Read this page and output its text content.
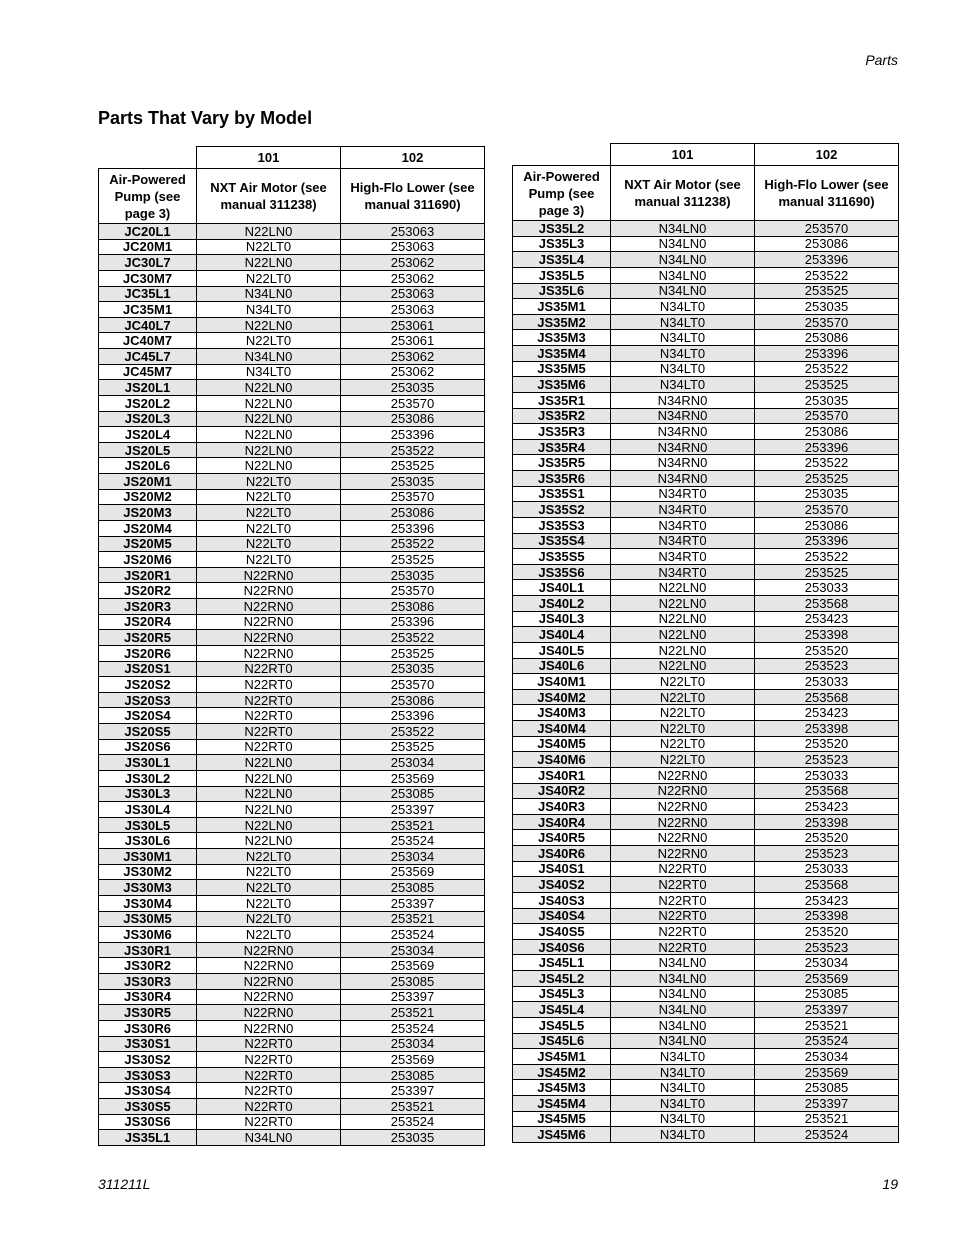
Parts
Parts That Vary by Model
	101	102
Air-Powered Pump (see page 3)	NXT Air Motor (see manual 311238)	High-Flo Lower (see manual 311690)
JC20L1	N22LN0	253063
JC20M1	N22LT0	253063
JC30L7	N22LN0	253062
JC30M7	N22LT0	253062
JC35L1	N34LN0	253063
JC35M1	N34LT0	253063
JC40L7	N22LN0	253061
JC40M7	N22LT0	253061
JC45L7	N34LN0	253062
JC45M7	N34LT0	253062
JS20L1	N22LN0	253035
JS20L2	N22LN0	253570
JS20L3	N22LN0	253086
JS20L4	N22LN0	253396
JS20L5	N22LN0	253522
JS20L6	N22LN0	253525
JS20M1	N22LT0	253035
JS20M2	N22LT0	253570
JS20M3	N22LT0	253086
JS20M4	N22LT0	253396
JS20M5	N22LT0	253522
JS20M6	N22LT0	253525
JS20R1	N22RN0	253035
JS20R2	N22RN0	253570
JS20R3	N22RN0	253086
JS20R4	N22RN0	253396
JS20R5	N22RN0	253522
JS20R6	N22RN0	253525
JS20S1	N22RT0	253035
JS20S2	N22RT0	253570
JS20S3	N22RT0	253086
JS20S4	N22RT0	253396
JS20S5	N22RT0	253522
JS20S6	N22RT0	253525
JS30L1	N22LN0	253034
JS30L2	N22LN0	253569
JS30L3	N22LN0	253085
JS30L4	N22LN0	253397
JS30L5	N22LN0	253521
JS30L6	N22LN0	253524
JS30M1	N22LT0	253034
JS30M2	N22LT0	253569
JS30M3	N22LT0	253085
JS30M4	N22LT0	253397
JS30M5	N22LT0	253521
JS30M6	N22LT0	253524
JS30R1	N22RN0	253034
JS30R2	N22RN0	253569
JS30R3	N22RN0	253085
JS30R4	N22RN0	253397
JS30R5	N22RN0	253521
JS30R6	N22RN0	253524
JS30S1	N22RT0	253034
JS30S2	N22RT0	253569
JS30S3	N22RT0	253085
JS30S4	N22RT0	253397
JS30S5	N22RT0	253521
JS30S6	N22RT0	253524
JS35L1	N34LN0	253035
	101	102
Air-Powered Pump (see page 3)	NXT Air Motor (see manual 311238)	High-Flo Lower (see manual 311690)
JS35L2	N34LN0	253570
JS35L3	N34LN0	253086
JS35L4	N34LN0	253396
JS35L5	N34LN0	253522
JS35L6	N34LN0	253525
JS35M1	N34LT0	253035
JS35M2	N34LT0	253570
JS35M3	N34LT0	253086
JS35M4	N34LT0	253396
JS35M5	N34LT0	253522
JS35M6	N34LT0	253525
JS35R1	N34RN0	253035
JS35R2	N34RN0	253570
JS35R3	N34RN0	253086
JS35R4	N34RN0	253396
JS35R5	N34RN0	253522
JS35R6	N34RN0	253525
JS35S1	N34RT0	253035
JS35S2	N34RT0	253570
JS35S3	N34RT0	253086
JS35S4	N34RT0	253396
JS35S5	N34RT0	253522
JS35S6	N34RT0	253525
JS40L1	N22LN0	253033
JS40L2	N22LN0	253568
JS40L3	N22LN0	253423
JS40L4	N22LN0	253398
JS40L5	N22LN0	253520
JS40L6	N22LN0	253523
JS40M1	N22LT0	253033
JS40M2	N22LT0	253568
JS40M3	N22LT0	253423
JS40M4	N22LT0	253398
JS40M5	N22LT0	253520
JS40M6	N22LT0	253523
JS40R1	N22RN0	253033
JS40R2	N22RN0	253568
JS40R3	N22RN0	253423
JS40R4	N22RN0	253398
JS40R5	N22RN0	253520
JS40R6	N22RN0	253523
JS40S1	N22RT0	253033
JS40S2	N22RT0	253568
JS40S3	N22RT0	253423
JS40S4	N22RT0	253398
JS40S5	N22RT0	253520
JS40S6	N22RT0	253523
JS45L1	N34LN0	253034
JS45L2	N34LN0	253569
JS45L3	N34LN0	253085
JS45L4	N34LN0	253397
JS45L5	N34LN0	253521
JS45L6	N34LN0	253524
JS45M1	N34LT0	253034
JS45M2	N34LT0	253569
JS45M3	N34LT0	253085
JS45M4	N34LT0	253397
JS45M5	N34LT0	253521
JS45M6	N34LT0	253524
311211L	19
